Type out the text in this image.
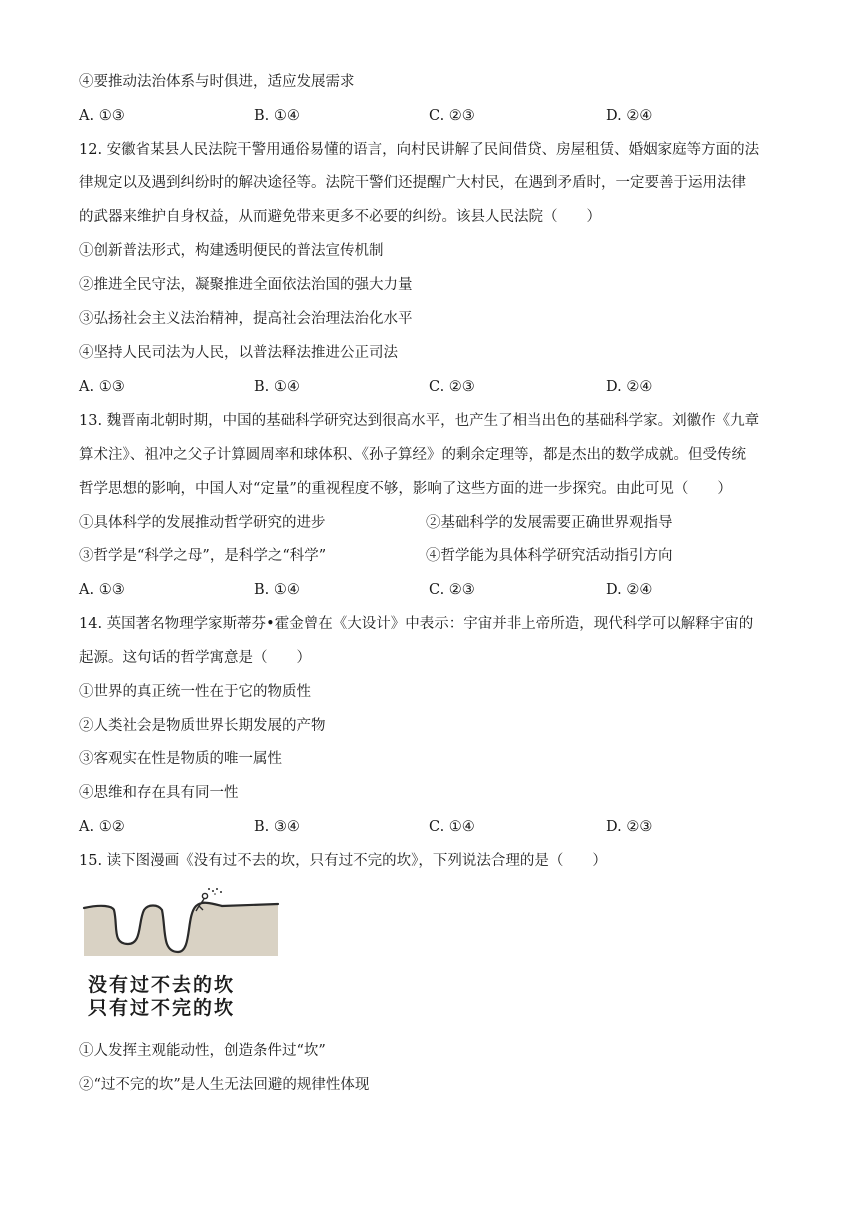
④要推动法治体系与时俱进，适应发展需求
A. ①③	B. ①④	C. ②③	D. ②④
12. 安徽省某县人民法院干警用通俗易懂的语言，向村民讲解了民间借贷、房屋租赁、婚姻家庭等方面的法
律规定以及遇到纠纷时的解决途径等。法院干警们还提醒广大村民，在遇到矛盾时，一定要善于运用法律
的武器来维护自身权益，从而避免带来更多不必要的纠纷。该县人民法院（　　）
①创新普法形式，构建透明便民的普法宣传机制
②推进全民守法，凝聚推进全面依法治国的强大力量
③弘扬社会主义法治精神，提高社会治理法治化水平
④坚持人民司法为人民，以普法释法推进公正司法
A. ①③	B. ①④	C. ②③	D. ②④
13. 魏晋南北朝时期，中国的基础科学研究达到很高水平，也产生了相当出色的基础科学家。刘徽作《九章
算术注》、祖冲之父子计算圆周率和球体积、《孙子算经》的剩余定理等，都是杰出的数学成就。但受传统
哲学思想的影响，中国人对“定量”的重视程度不够，影响了这些方面的进一步探究。由此可见（　　）
①具体科学的发展推动哲学研究的进步	②基础科学的发展需要正确世界观指导
③哲学是“科学之母”，是科学之“科学”	④哲学能为具体科学研究活动指引方向
A. ①③	B. ①④	C. ②③	D. ②④
14. 英国著名物理学家斯蒂芬•霍金曾在《大设计》中表示：宇宙并非上帝所造，现代科学可以解释宇宙的
起源。这句话的哲学寓意是（　　）
①世界的真正统一性在于它的物质性
②人类社会是物质世界长期发展的产物
③客观实在性是物质的唯一属性
④思维和存在具有同一性
A. ①②	B. ③④	C. ①④	D. ②③
15. 读下图漫画《没有过不去的坎，只有过不完的坎》，下列说法合理的是（　　）
没有过不去的坎
只有过不完的坎
①人发挥主观能动性，创造条件过“坎”
②“过不完的坎”是人生无法回避的规律性体现
